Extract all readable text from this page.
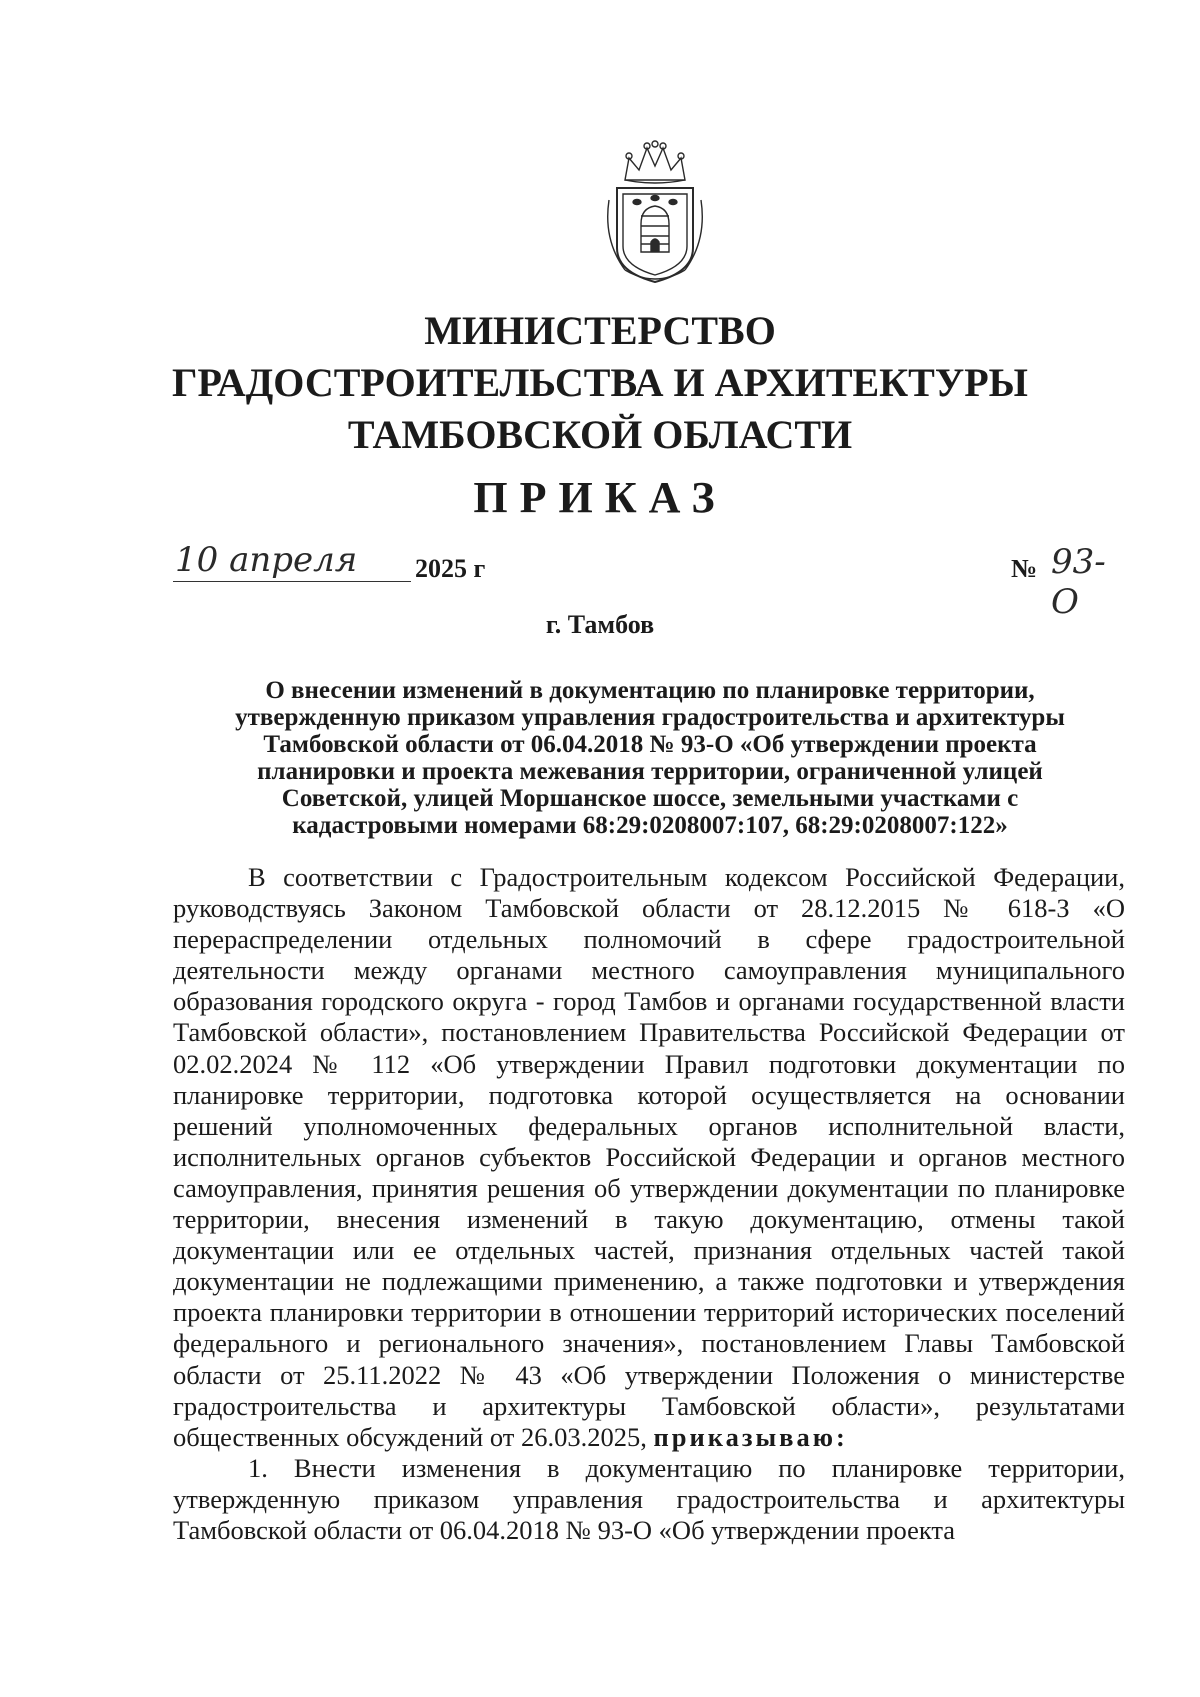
МИНИСТЕРСТВО
ГРАДОСТРОИТЕЛЬСТВА И АРХИТЕКТУРЫ
ТАМБОВСКОЙ ОБЛАСТИ
ПРИКАЗ
10 апреля 2025 г	№ 93-О
г. Тамбов
О внесении изменений в документацию по планировке территории,
утвержденную приказом управления градостроительства и архитектуры
Тамбовской области от 06.04.2018 № 93-О «Об утверждении проекта
планировки и проекта межевания территории, ограниченной улицей
Советской, улицей Моршанское шоссе, земельными участками с
кадастровыми номерами 68:29:0208007:107, 68:29:0208007:122»

В соответствии с Градостроительным кодексом Российской Федерации, руководствуясь Законом Тамбовской области от 28.12.2015 № 618-З «О перераспределении отдельных полномочий в сфере градостроительной деятельности между органами местного самоуправления муниципального образования городского округа - город Тамбов и органами государственной власти Тамбовской области», постановлением Правительства Российской Федерации от 02.02.2024 № 112 «Об утверждении Правил подготовки документации по планировке территории, подготовка которой осуществляется на основании решений уполномоченных федеральных органов исполнительной власти, исполнительных органов субъектов Российской Федерации и органов местного самоуправления, принятия решения об утверждении документации по планировке территории, внесения изменений в такую документацию, отмены такой документации или ее отдельных частей, признания отдельных частей такой документации не подлежащими применению, а также подготовки и утверждения проекта планировки территории в отношении территорий исторических поселений федерального и регионального значения», постановлением Главы Тамбовской области от 25.11.2022 № 43 «Об утверждении Положения о министерстве градостроительства и архитектуры Тамбовской области», результатами общественных обсуждений от 26.03.2025, приказываю:

1. Внести изменения в документацию по планировке территории, утвержденную приказом управления градостроительства и архитектуры Тамбовской области от 06.04.2018 № 93-О «Об утверждении проекта
